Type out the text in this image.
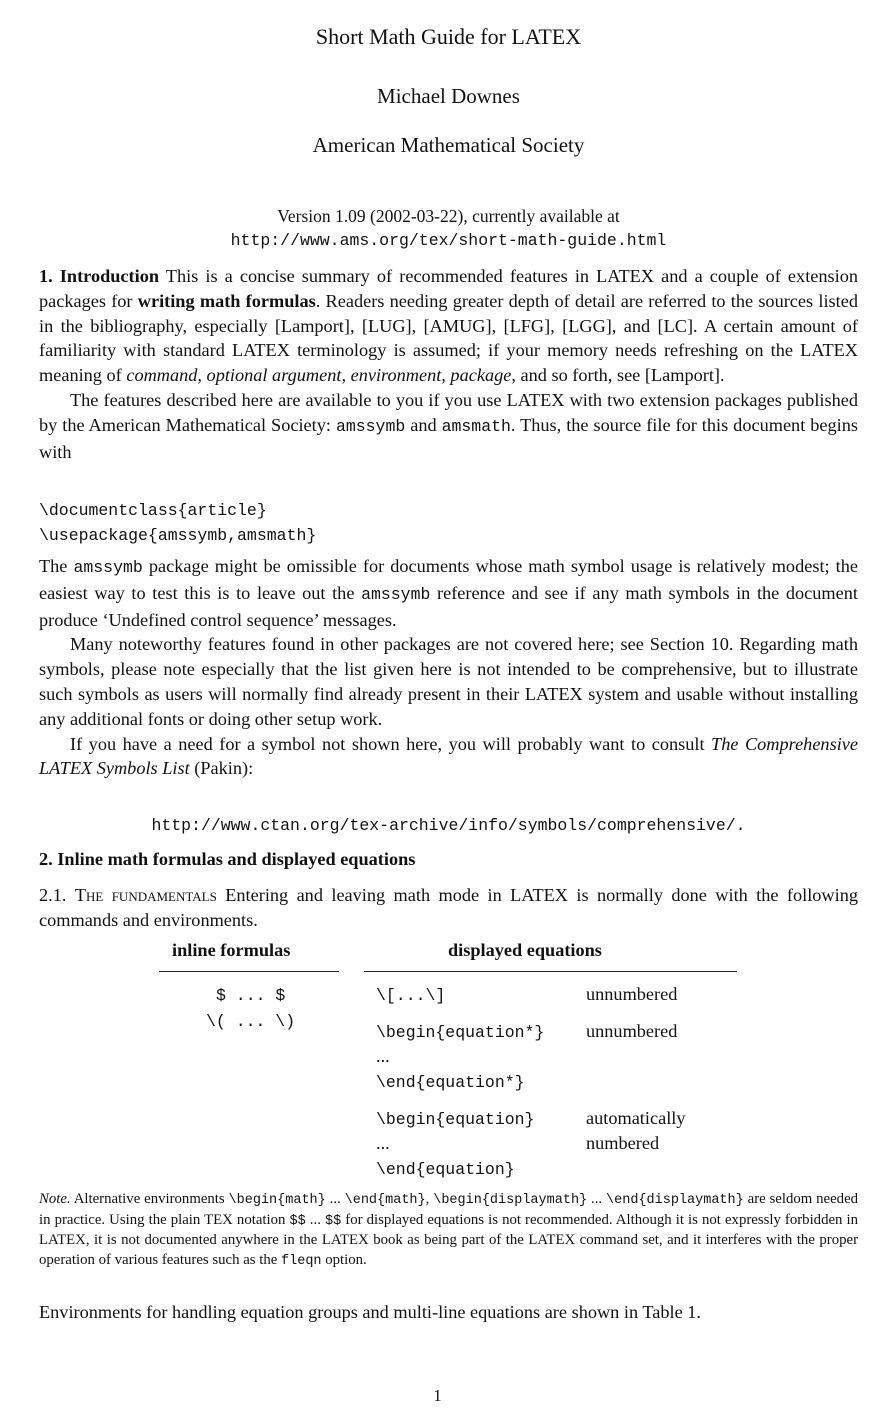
Short Math Guide for LATEX
Michael Downes
American Mathematical Society
Version 1.09 (2002-03-22), currently available at
http://www.ams.org/tex/short-math-guide.html

1. Introduction This is a concise summary of recommended features in LATEX and a couple of extension packages for writing math formulas. Readers needing greater depth of detail are referred to the sources listed in the bibliography, especially [Lamport], [LUG], [AMUG], [LFG], [LGG], and [LC]. A certain amount of familiarity with standard LATEX terminology is assumed; if your memory needs refreshing on the LATEX meaning of command, optional argument, environment, package, and so forth, see [Lamport].

The features described here are available to you if you use LATEX with two extension packages published by the American Mathematical Society: amssymb and amsmath. Thus, the source file for this document begins with

\documentclass{article}
\usepackage{amssymb,amsmath}

The amssymb package might be omissible for documents whose math symbol usage is relatively modest; the easiest way to test this is to leave out the amssymb reference and see if any math symbols in the document produce ‘Undefined control sequence’ messages.

Many noteworthy features found in other packages are not covered here; see Section 10. Regarding math symbols, please note especially that the list given here is not intended to be comprehensive, but to illustrate such symbols as users will normally find already present in their LATEX system and usable without installing any additional fonts or doing other setup work.

If you have a need for a symbol not shown here, you will probably want to consult The Comprehensive LATEX Symbols List (Pakin):

http://www.ctan.org/tex-archive/info/symbols/comprehensive/.
2. Inline math formulas and displayed equations

2.1. The fundamentals Entering and leaving math mode in LATEX is normally done with the following commands and environments.

Note. Alternative environments \begin{math} ... \end{math}, \begin{displaymath} ... \end{displaymath} are seldom needed in practice. Using the plain TEX notation $$ ... $$ for displayed equations is not recommended. Although it is not expressly forbidden in LATEX, it is not documented anywhere in the LATEX book as being part of the LATEX command set, and it interferes with the proper operation of various features such as the fleqn option.
Environments for handling equation groups and multi-line equations are shown in Table 1.
inline formulas	displayed equations
$ ... $
\( ... \)
\[...\]	unnumbered
\begin{equation*} unnumbered
...
\end{equation*}
\begin{equation}	automatically
numbered
...
\end{equation}
1
